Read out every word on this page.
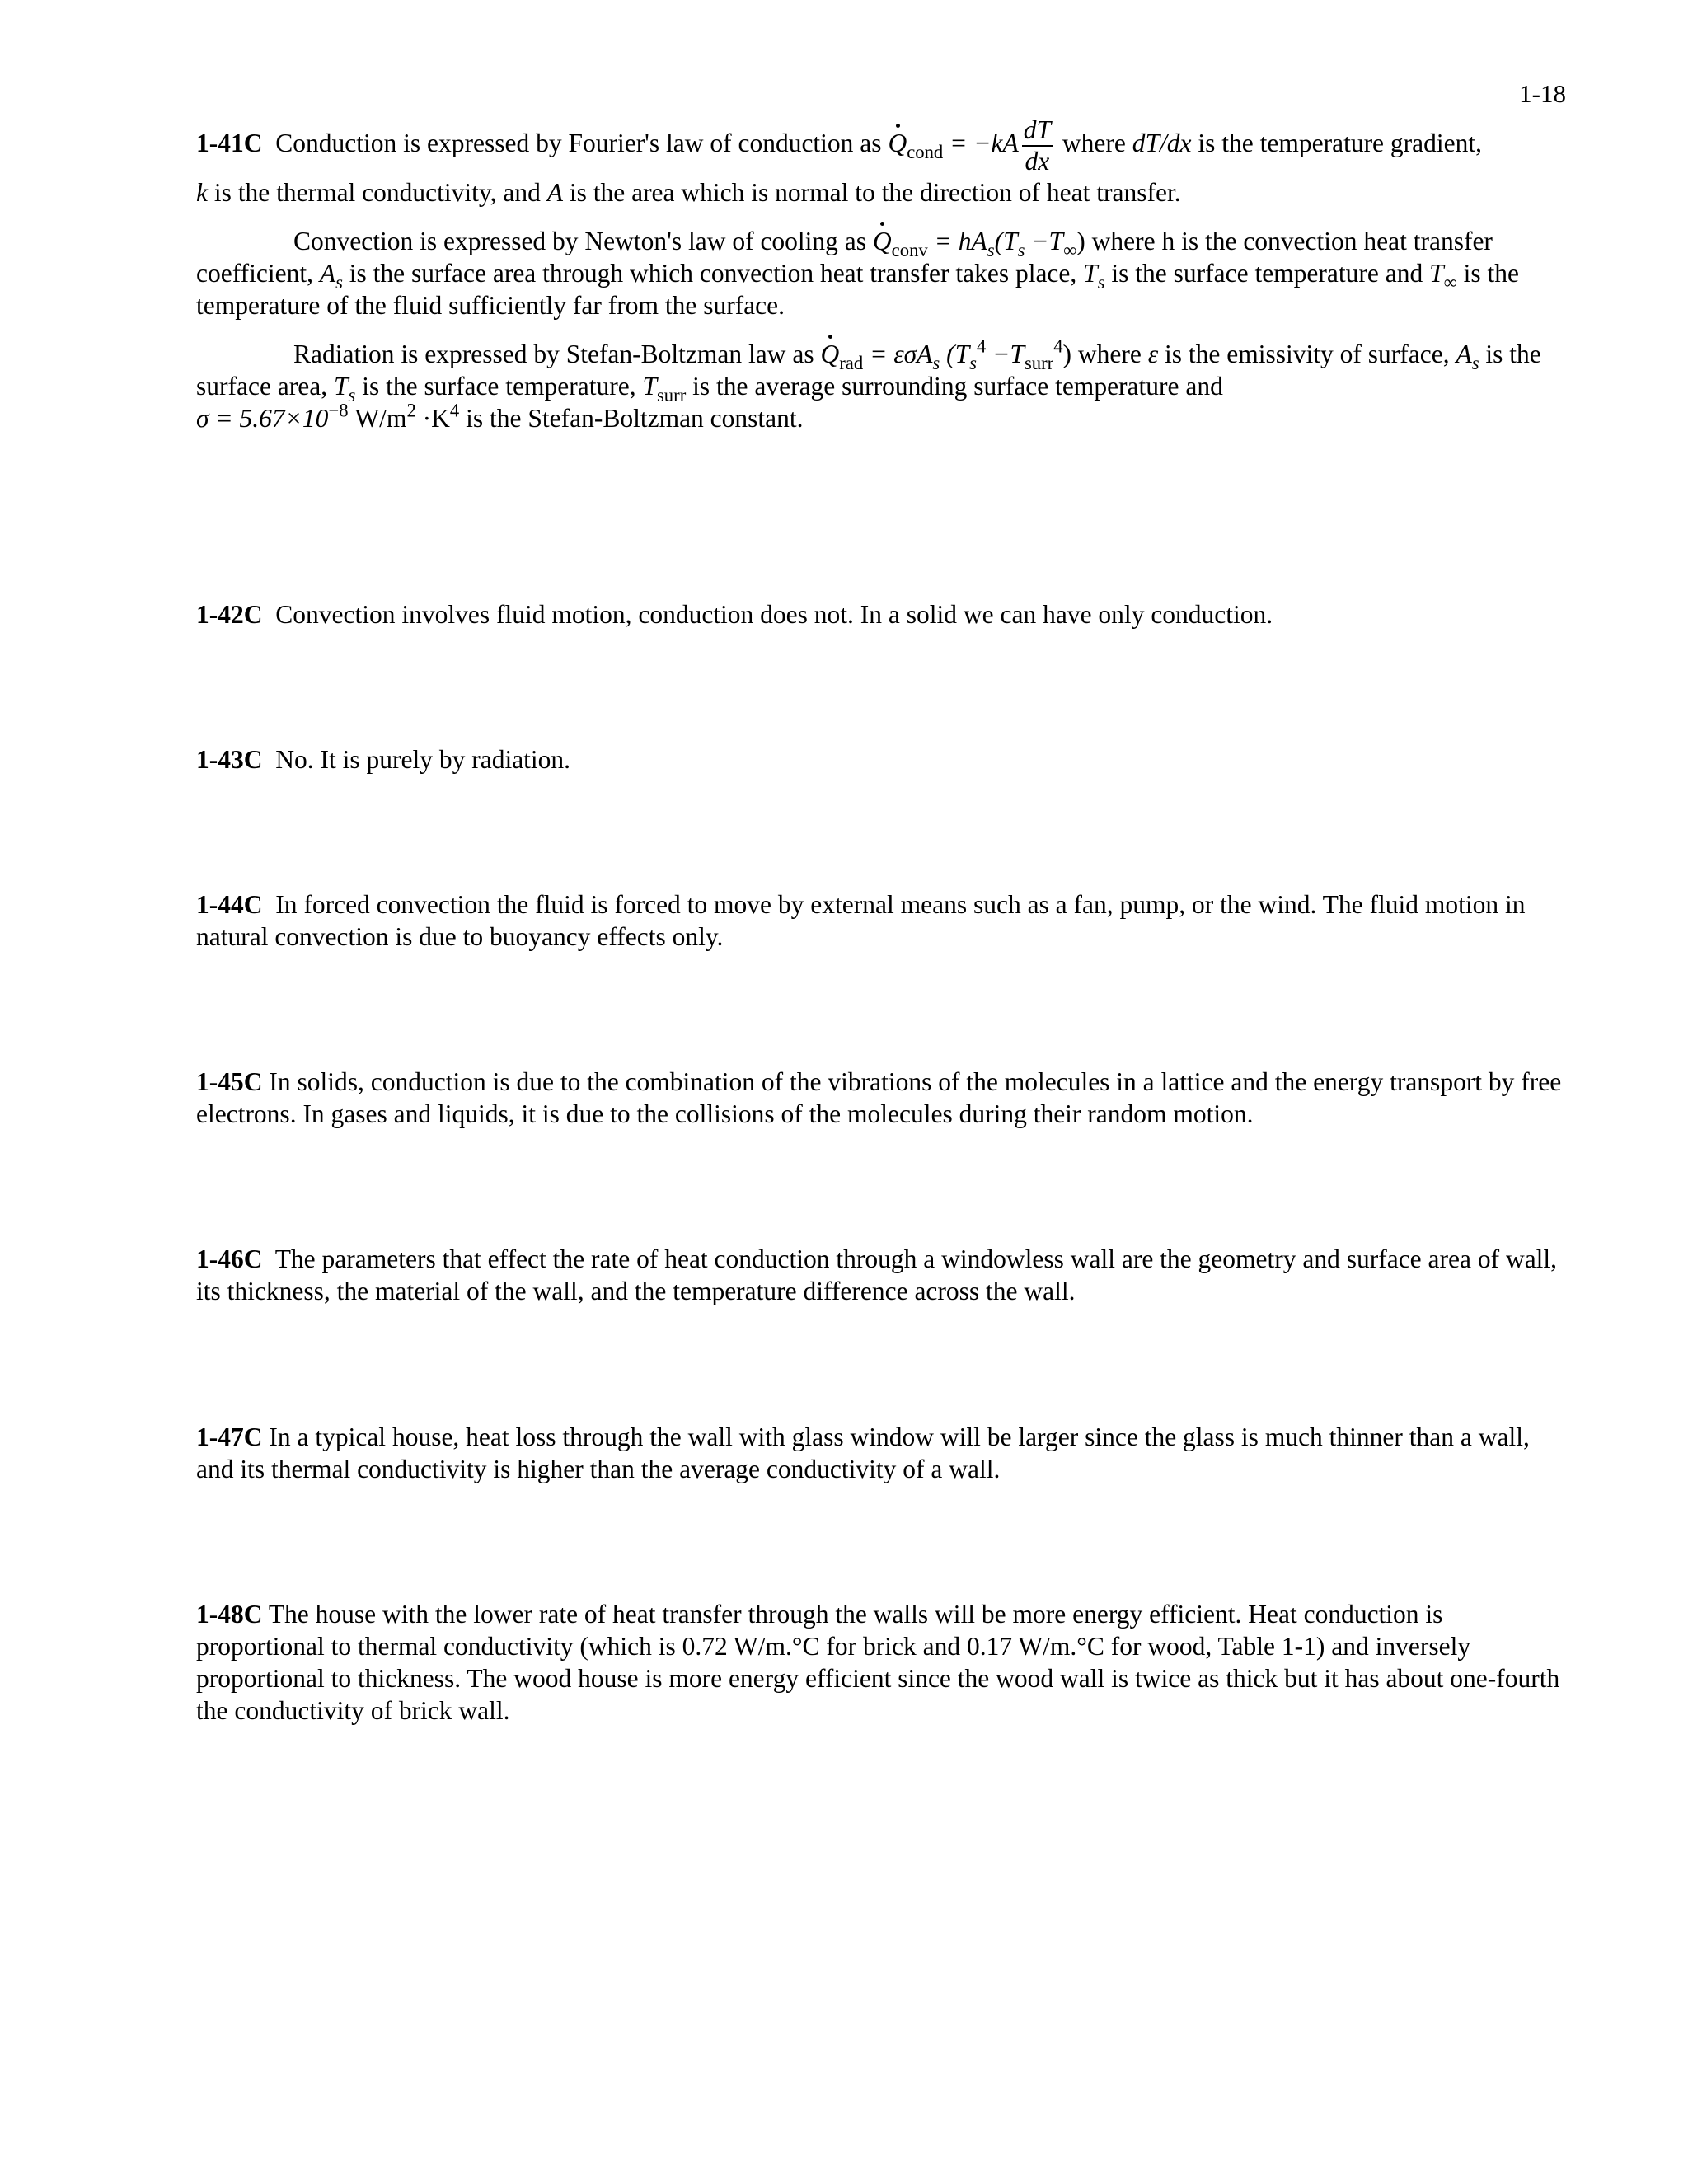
1-18

1-41C Conduction is expressed by Fourier's law of conduction as $Q_{cond} = -kA \frac{dT}{dx}$ where dT/dx is the temperature gradient,
k is the thermal conductivity, and A is the area which is normal to the direction of heat transfer.

Convection is expressed by Newton's law of cooling as $Q_{conv} = hA_s(T_s -T_\infty)$ where h is the convection heat transfer coefficient, $A_s$ is the surface area through which convection heat transfer takes place, $T_s$ is the surface temperature and $T_\infty$ is the temperature of the fluid sufficiently far from the surface.

Radiation is expressed by Stefan-Boltzman law as $Q_{rad} = \varepsilon\sigma A_s$ $(T_s^4 -T_{surr}^4)$ where ε is the emissivity of surface, $A_s$ is the surface area, $T_s$ is the surface temperature, $T_{surr}$ is the average surrounding surface temperature and
$\sigma = 5.67\times 10^{-8}$ $W/m^2 \cdot K^4$ is the Stefan-Boltzman constant.

1-42C Convection involves fluid motion, conduction does not. In a solid we can have only conduction.

1-43C No. It is purely by radiation.

1-44C In forced convection the fluid is forced to move by external means such as a fan, pump, or the wind. The fluid motion in natural convection is due to buoyancy effects only.

1-45C In solids, conduction is due to the combination of the vibrations of the molecules in a lattice and the energy transport by free electrons. In gases and liquids, it is due to the collisions of the molecules during their random motion.

1-46C The parameters that effect the rate of heat conduction through a windowless wall are the geometry and surface area of wall, its thickness, the material of the wall, and the temperature difference across the wall.

1-47C In a typical house, heat loss through the wall with glass window will be larger since the glass is much thinner than a wall, and its thermal conductivity is higher than the average conductivity of a wall.

1-48C The house with the lower rate of heat transfer through the walls will be more energy efficient. Heat conduction is proportional to thermal conductivity (which is 0.72 W/m.°C for brick and 0.17 W/m.°C for wood, Table 1-1) and inversely proportional to thickness. The wood house is more energy efficient since the wood wall is twice as thick but it has about one-fourth the conductivity of brick wall.
